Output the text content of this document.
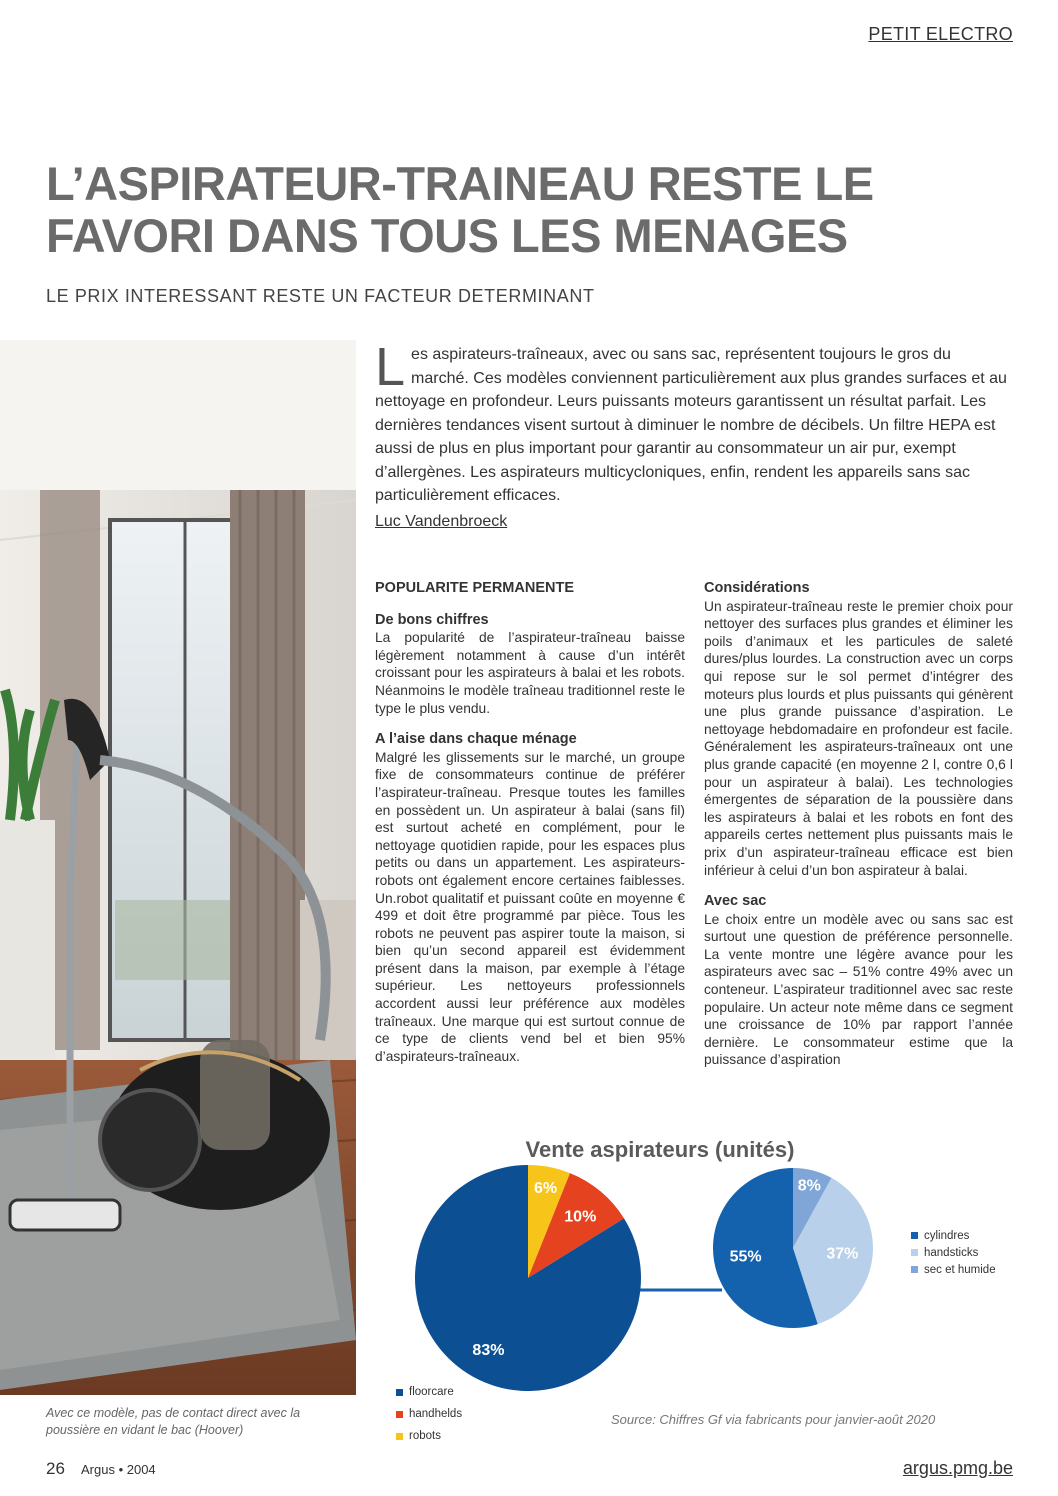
PETIT ELECTRO
L’ASPIRATEUR-TRAINEAU RESTE LE FAVORI DANS TOUS LES MENAGES
LE PRIX INTERESSANT RESTE UN FACTEUR DETERMINANT
Avec ce modèle, pas de contact direct avec la poussière en vidant le bac (Hoover)
Les aspirateurs-traîneaux, avec ou sans sac, représentent toujours le gros du marché. Ces modèles conviennent particulièrement aux plus grandes surfaces et au nettoyage en profondeur. Leurs puissants moteurs garantissent un résultat parfait. Les dernières tendances visent surtout à diminuer le nombre de décibels. Un filtre HEPA est aussi de plus en plus important pour garantir au consommateur un air pur, exempt d’allergènes. Les aspirateurs multicycloniques, enfin, rendent les appareils sans sac particulièrement efficaces.
Luc Vandenbroeck
POPULARITE PERMANENTE
De bons chiffres

La popularité de l’aspirateur-traîneau baisse légèrement notamment à cause d’un intérêt croissant pour les aspirateurs à balai et les robots. Néanmoins le modèle traîneau traditionnel reste le type le plus vendu.

A l’aise dans chaque ménage

Malgré les glissements sur le marché, un groupe fixe de consommateurs continue de préférer l’aspirateur-traîneau. Presque toutes les familles en possèdent un. Un aspirateur à balai (sans fil) est surtout acheté en complément, pour le nettoyage quotidien rapide, pour les espaces plus petits ou dans un appartement. Les aspirateurs-robots ont également encore certaines faiblesses. Un.robot qualitatif et puissant coûte en moyenne € 499 et doit être programmé par pièce. Tous les robots ne peuvent pas aspirer toute la maison, si bien qu’un second appareil est évidemment présent dans la maison, par exemple à l’étage supérieur. Les nettoyeurs professionnels accordent aussi leur préférence aux modèles traîneaux. Une marque qui est surtout connue de ce type de clients vend bel et bien 95% d’aspirateurs-traîneaux.

Considérations

Un aspirateur-traîneau reste le premier choix pour nettoyer des surfaces plus grandes et éliminer les poils d’animaux et les particules de saleté dures/plus lourdes. La construction avec un corps qui repose sur le sol permet d’intégrer des moteurs plus lourds et plus puissants qui génèrent une plus grande puissance d’aspiration. Le nettoyage hebdomadaire en profondeur est facile. Généralement les aspirateurs-traîneaux ont une plus grande capacité (en moyenne 2 l, contre 0,6 l pour un aspirateur à balai). Les technologies émergentes de séparation de la poussière dans les aspirateurs à balai et les robots en font des appareils certes nettement plus puissants mais le prix d’un aspirateur-traîneau efficace est bien inférieur à celui d’un bon aspirateur à balai.

Avec sac

Le choix entre un modèle avec ou sans sac est surtout une question de préférence personnelle. La vente montre une légère avance pour les aspirateurs avec sac – 51% contre 49% avec un conteneur. L’aspirateur traditionnel avec sac reste populaire. Un acteur note même dans ce segment une croissance de 10% par rapport l’année dernière. Le consommateur estime que la puissance d’aspiration

Vente aspirateurs (unités)
6%
10%
83%
8%
37%
55%
floorcare
handhelds
robots
cylindres
handsticks
sec et humide
Source: Chiffres Gf via fabricants pour janvier-août 2020
26 Argus • 2004	argus.pmg.be
